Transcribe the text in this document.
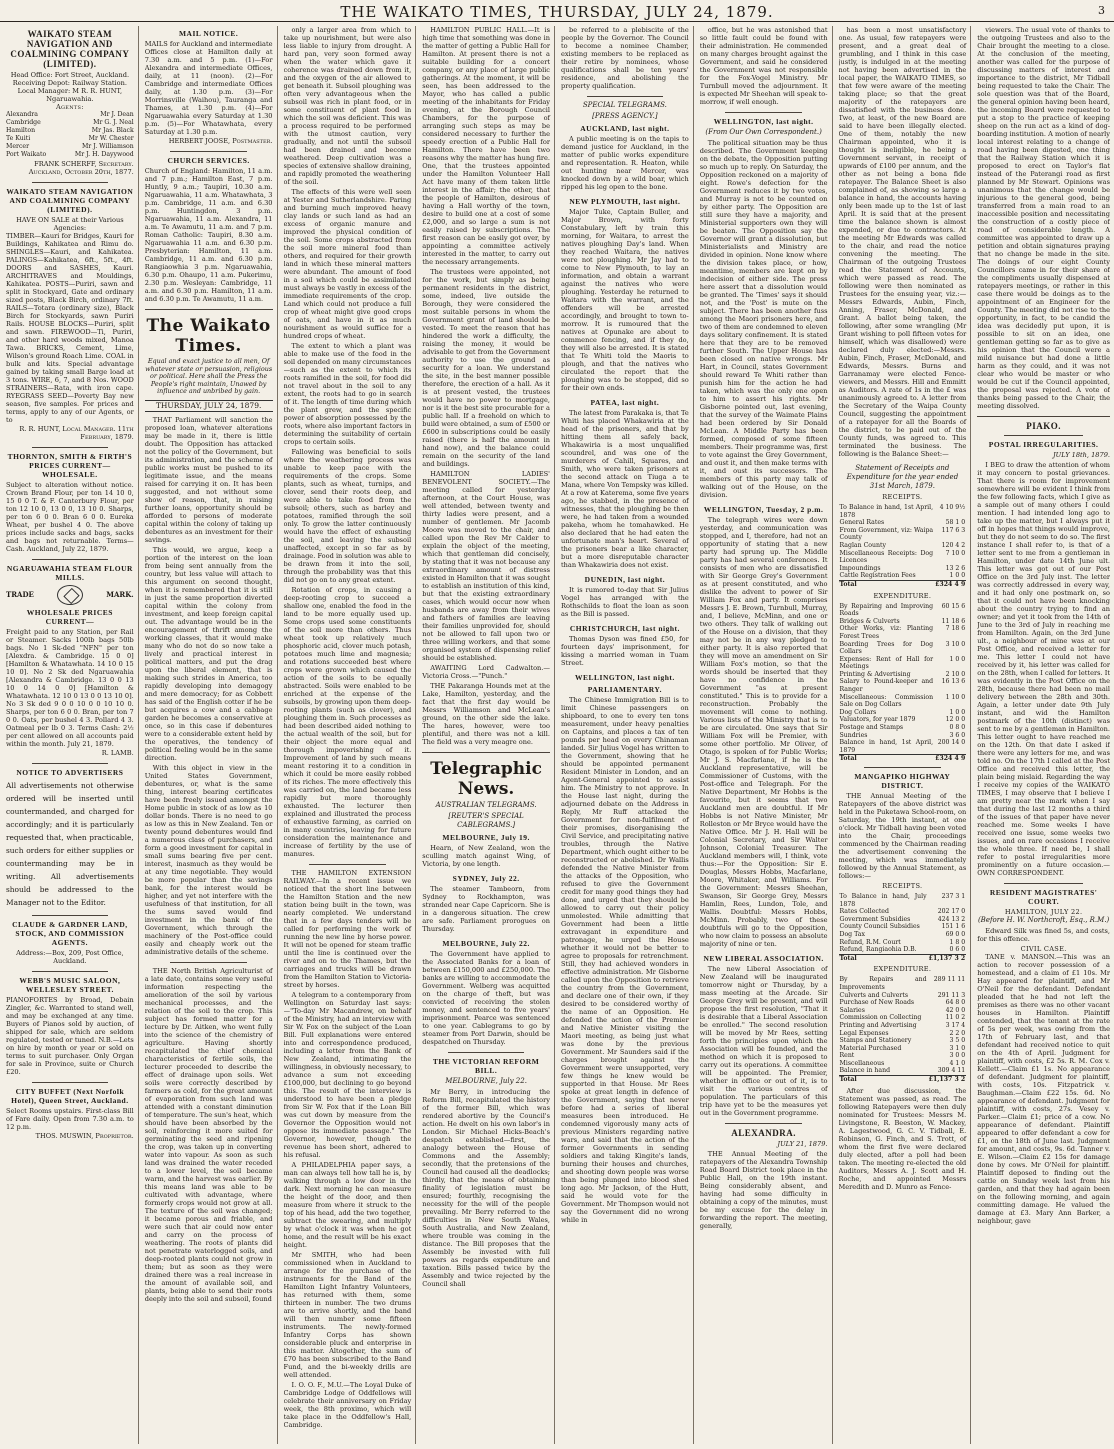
THE WAIKATO TIMES, THURSDAY, JULY 24, 1879.	3
WAIKATO STEAM NAVIGATION AND COALMINING COMPANY (LIMITED).
Head Office: Fort Street, Auckland. Receiving Depot: Railway Station. Local Manager: M R. R. HUNT, Ngaruawahia.
Agents:
Alexandra	Mr J. Dean
Cambridge	Mr G. J. Neal
Hamilton	Mr Jas. Black
Te Kuiti	Mr W. Chester
Mercer	Mr J. Williamson
Port Waikato	Mr J. H. Dayywood
FRANK SCHERFF, Secretary. Auckland, October 20th, 1877.
WAIKATO STEAM NAVIGATION AND COALMINING COMPANY (LIMITED).
HAVE ON SALE at their Various Agencies:
TIMBER—Kauri for Bridges, Kauri for Buildings, Kahikatea and Rimu do. SHINGLES—Kauri, and Kahikatea. PALINGS—Kahikatea, 6ft., 5ft., 4ft. DOORS and SASHES, Kauri. ARCHITRAVES and Mouldings, Kahikatea. POSTS—Puriri, sawn and split in Stockyard, Gate and ordinary sized posts, Black Birch, ordinary 7ft. RAILS—Totara (ordinary size), Black Birch for Stockyards, sawn Puriri Rails. HOUSE BLOCKS—Puriri, split and sawn. FIREWOOD—Ti, Puriri, and other hard woods mixed, Manoa Tawa. BRICKS, Cement, Lime, Wilson's ground Roach Lime. COAL in bulk and kits. Special advantage gained by taking small Barge load at 3 tons. WIRE, 6, 7, and 8 Nos. WOOD STRAINERS—Rata, with iron cape. RYEGRASS SEED—Poverty Bay new season, five samples. For prices and terms, apply to any of our Agents, or to
R. R. HUNT, Local Manager. 11th February, 1879.
THORNTON, SMITH & FIRTH'S PRICES CURRENT—WHOLESALE.
Subject to alteration without notice. Crown Brand Flour, per ton 14 10 0, 15 0 0 T. & F. Canterbury Flour, per ton 12 10 0, 13 0 0, 13 10 0. Sharps, per ton 6 0 0. Bran 6 0 0. Eureka Wheat, per bushel 4 0. The above prices include sacks and bags, sacks and bags not returnable. Terms—Cash. Auckland, July 22, 1879.
NGARUAWAHIA STEAM FLOUR MILLS.
TRADE	MARK.
WHOLESALE PRICES CURRENT—
Freight paid to any Station, per Rail or Steamer. Sacks 100lb bags 50lb bags. No 1 Sk-ded "NFN" per ton [Alexdra. & Cambridge. 15 0 0] [Hamilton & Whatawhata. 14 10 0 15 10 0]. No 2 Sk ded Ngaruawahia [Alexandra & Cambridge. 13 0 0 13 10 0 14 0 0] [Hamilton & Whatawhata. 12 10 0 13 0 0 13 10 0]. No 3 Sk ded 9 0 0 10 0 0 10 10 0. Sharps, per ton 6 0 0. Bran, per ton 7 0 0. Oats, per bushel 4 3. Pollard 4 3. Oatmeal per lb 0 3. Terms Cash: 2½ per cent allowed on all accounts paid within the month. July 21, 1879.
R. LAMB.
NOTICE TO ADVERTISERS
All advertisements not otherwise ordered will be inserted until countermanded, and charged for accordingly; and it is particularly requested that, when practicable, such orders for either supplies or countermanding may be in writing. All advertisements should be addressed to the Manager not to the Editor.
CLAUDE & GARDNER LAND, STOCK, AND COMMISSION AGENTS.
Address:—Box, 209, Post Office, Auckland.
WEBB'S MUSIC SALOON, WELLESLEY STREET.
PIANOFORTES by Broad, Debain Zingler, &c. Warranted to stand well, and may be exchanged at any time. Buyers of Pianos sold by auction, of shipped for sale, which are seldom regulated, tested or tuned. N.B.—Lets on hire by month or year or sold on terms to suit purchaser. Only Organ for sale in Province, suite or Church £20.
CITY BUFFET (Next Norfolk Hotel), Queen Street, Auckland.
Select Rooms upstairs. First-class Bill of Fare daily. Open from 7.30 a.m. to 12 p.m.
THOS. MUSWIN, Proprietor.
MAIL NOTICE.
MAILS for Auckland and intermediate Offices close at Hamilton daily at 7.30 a.m. and 5 p.m. (1)—For Alexandra and intermediate Offices, daily, at 11 (noon). (2)—For Cambridge and intermediate Offices daily, at 1.30 p.m. (3)—For Morrinsville (Waihou), Tauranga and Thames, at 1.30 p.m. (4)—For Ngaruawahia every Saturday at 1.30 p.m. (5)—For Whatawhata, every Saturday at 1.30 p.m.
HERBERT JOOSE, Postmaster.
CHURCH SERVICES.
Church of England: Hamilton, 11 a.m. and 7 p.m.; Hamilton East, 7 p.m. Huntly, 9 a.m.; Taupiri, 10.30 a.m. Ngaruawahia, 11 a.m. Whatawhata, 3 p.m. Cambridge, 11 a.m. and 6.30 p.m. Huntingdon, 3 p.m. Ngaruawahia, 11 a.m. Alexandra, 11 a.m. Te Awamutu, 11 a.m. and 7 p.m. Roman Catholic: Taupiri, 8.30 a.m. Ngaruawahia 11 a.m. and 6.30 p.m. Presbyterian: Hamilton, 11 a.m. Cambridge, 11 a.m. and 6.30 p.m. Rangiaowhia 3 p.m. Ngaruawahia, 6.30 p.m. Ohaupo, 11 a.m. Pukerimu, 2.30 p.m. Wesleyan: Cambridge, 11 a.m. and 6.30 p.m. Hamilton, 11 a.m. and 6.30 p.m. Te Awamutu, 11 a.m.
The Waikato Times.
Equal and exact justice to all men, Of whatever state or persuasion, religious or political. Here shall the Press the People's right maintain, Unawed by influence and unbribed by gain.
THURSDAY, JULY 24, 1879.

THAT Parliament will sanction the proposed loan, whatever alterations may be made in it, there is little doubt. The Opposition has attacked not the policy of the Government, but its administration, and the scheme of public works must be pushed to its legitimate issue, and the means raised for carrying it on. It has been suggested, and not without some show of reason, that, in raising further loans, opportunity should be afforded to persons of moderate capital within the colony of taking up debentures as an investment for their savings.

This would, we argue, keep a portion of the interest on the loan from being sent annually from the country, but less value will attach to this argument on second thought, when it is remembered that it is still in just the same proportion diverted capital within the colony from investment, and keep foreign capital out. The advantage would be in the encouragement of thrift among the working classes, that it would make many who do not do so now take a lively and practical interest in political matters, and put the drag upon the liberal element, that is making such strides in America, too rapidly developing into demagogy and mere democracy; for as Cobbett has said of the English cotter if he be but acquires a cow and a cabbage garden he becomes a conservative at once, so in this case if debentures were to a considerable extent held by the operatives, the tendency of political feeling would be in the same direction.

With this object in view in the United States Government, debentures, or, what is the same thing, interest bearing certificates have been freely issued amongst the Home public in stock of as low as 10 dollar bonds. There is no need to go as low as this in New Zealand. Ten or twenty pound debentures would find a numerous class of purchasers, and form a good investment for capital in small sums bearing five per cent. interest, inasmuch as they would be at any time negotiable. They would be more popular than the savings bank, for the interest would be higher, and yet not interfere with the usefulness of that institution, for all the sums saved would find investment in the bank of the Government, which through the machinery of the Post-office could easily and cheaply work out the administrative details of the scheme.

THE North British Agriculturist of a late date, contains some very useful information respecting the amelioration of the soil by various mechanical processes, and the relation of the soil to the crop. This subject has formed matter for a lecture by Dr. Aitken, who went fully into the science of the chemistry of agriculture. Having shortly recapitulated the chief chemical characteristics of fertile soils, the lecturer proceeded to describe the effect of drainage upon soils. Wet soils were correctly described by farmers as cold, for the great amount of evaporation from such land was attended with a constant diminution of temperature. The sun's heat, which should have been absorbed by the soil, reinforcing it more suited for germinating the seed and ripening the crop, was taken up in converting water into vapour. As soon as such land was drained the water receded to a lower level, the soil became warm, and the harvest was earlier. By this means land was able to be cultivated with advantage, where formerly crops would not grow at all. The texture of the soil was changed; it became porous and friable, and were such that air could now enter and carry on the process of weathering. The roots of plants did not penetrate waterlogged soils, and deep-rooted plants could not grow in them; but as soon as they were drained there was a real increase in the amount of available soil, and plants, being able to send their roots deeply into the soil and subsoil, found

only a larger area from which to take up nourishment, but were also less liable to injury from drought. A hard pan, very soon formed away when the water which gave it coherence was drained down from it, and the oxygen of the air allowed to get beneath it. Subsoil ploughing was often very advantageous when the subsoil was rich in plant food, or in some constituent of plant food in which the soil was deficient. This was a process required to be performed with the utmost caution, very gradually, and not until the subsoil had been drained and become weathered. Deep cultivation was a species of extensive shallow draining, and rapidly promoted the weathering of the soil.

The effects of this were well seen at Yester and Sutherlandshire. Paring and burning much improved heavy clay lands or such land as had an excess of organic manure and improved the physical condition of the soil. Some crops abstracted from the soil more mineral food than others, and required for their growth land in which these mineral matters were abundant. The amount of food in a soil which could be assimilated must always be vastly in excess of the immediate requirements of the crop. Land which could not produce a full crop of wheat might give good crops of oats, and have in it as much nourishment as would suffice for a hundred crops of wheat.

The extent to which a plant was able to make use of the food in the soil depended on many circumstances—such as the extent to which its roots ramified in the soil, for food did not travel about in the soil to any extent, the roots had to go in search of it. The length of time during which the plant grew, and the specific power of absorption possessed by the roots, where also important factors in determining the suitability of certain crops to certain soils.

Fallowing was beneficial to soils where the weathering process was unable to keep pace with the requirements of the crops. Some plants, such as wheat, turnips, and clover, send their roots deep, and were able to take food from the subsoil; others, such as barley and potatoes, ramified through the soil only. To grow the latter continuously would have the effect of exhausting the soil, and leaving the subsoil unaffected, except in so far as by drainage. Food in solution was able to be drawn from it into the soil, through the probability was that this did not go on to any great extent.

Rotation of crops, in causing a deep-rooting crop to succeed a shallow one, enabled the food in the land to be more equally used up. Some crops used some constituents of the soil more than others. Thus wheat took up relatively much phosphoric acid, clover much potash, potatoes much lime and magnesia; and rotations succeeded best where crops were grown which caused the action of the soils to be equally abstracted. Soils were enabled to be enriched at the expense of the subsoils, by growing upon them deep-rooting plants (such as clover), and ploughing them in. Such processes as had been described aided nothing to the actual wealth of the soil, but for their object the more equal and thorough impoverishing of it. Improvement of land by such means meant restoring it to a condition in which it could be more easily robbed of its riches. The more effectively this was carried on, the land became less rapidly but more thoroughly exhausted. The lecturer then explained and illustrated the process of exhaustive farming, as carried on in many countries, leaving for future consideration the maintenance and increase of fertility by the use of manures.

THE HAMILTON EXTENSION RAILWAY.—In a recent issue we noticed that the short line between the Hamilton Station and the new station being built in the town, was nearly completed. We understand that in a few days tenders will be called for performing the work of running the new line by horse power. It will not be opened for steam traffic until the line is continued over the river and on to the Thames, but the carriages and trucks will be drawn from the Hamilton Station to Victoria-street by horses.

A telegram to a contemporary from Wellington on Saturday last says:—"To-day Mr Macandrew, on behalf of the Ministry, had an interview with Sir W. Fox on the subject of the Loan Bill. Full explanations were entered into and correspondence produced, including a letter from the Bank of New Zealand, intimating the willingness, in obviously necessary, to advance a sum not exceeding £100,000, but declining to go beyond this. The result of the interview is understood to have been a pledge from Sir W. Fox that if the Loan Bill was cut down by measure from the Governor the Opposition would not oppose its immediate passage." The Governor, however, though the revenue has been short, adhered to his refusal.

A PHILADELPHIA paper says, a man can always tell how tall he is, by walking through a low door in the dark. Next morning he can measure the height of the door, and then measure from where it struck to the top of his head, add the two together, subtract the swearing, and multiply by what o'clock it was when he got home, and the result will be his exact height.

Mr SMITH, who had been commissioned when in Auckland to arrange for the purchase of the instruments for the Band of the Hamilton Light Infantry Volunteers, has returned with them, some thirteen in number. The two drums are to arrive shortly, and the band will then number some fifteen instruments. The newly-formed Infantry Corps has shown considerable pluck and enterprise in this matter. Altogether, the sum of £70 has been subscribed to the Band Fund, and the bi-weekly drills are well attended.

I. O. O. F., M.U.—The Loyal Duke of Cambridge Lodge of Oddfellows will celebrate their anniversary on Friday week, the 8th proximo, which will take place in the Oddfellow's Hall, Cambridge.

HAMILTON PUBLIC HALL.—It is high time that something was done in the matter of getting a Public Hall for Hamilton. At present there is not a suitable building for a concert company, or any place of large public gatherings. At the moment, it will be seen, has been addressed to the Mayor, who has called a public meeting of the inhabitants for Friday evening, at the Borough Council Chambers, for the purpose of arranging such steps as may be considered necessary to further the speedy erection of a Public Hall for Hamilton. There have been two reasons why the matter has hung fire. One, that the trustees appointed under the Hamilton Volunteer Hall Act have many of them taken little interest in the affair; the other, that the people of Hamilton, desirous of having a Hall worthy of the town, desire to build one at a cost of some £2,000, and so large a sum is not easily raised by subscriptions. The first reason can be easily got over, by appointing a committee actively interested in the matter, to carry out the necessary arrangements.

The trustees were appointed, not for the work, but simply as being permanent residents in the district, some, indeed, live outside the Borough, they were considered the most suitable persons in whom the Government grant of land should be vested. To meet the reason that has hindered the work a difficulty, the raising the money, it would be advisable to get from the Government authority to use the ground as security for a loan. We understand the site, in the best manner possible therefore, the erection of a hall. As it is at present vested, the trustees would have no power to mortgage, nor is it the best site procurable for a public hall. If a freehold on which to build were obtained, a sum of £500 or £600 in subscriptions could be easily raised (there is half the amount in hand now), and the balance could remain on the security of the land and buildings.

HAMILTON LADIES' BENEVOLENT SOCIETY.—The meeting called for yesterday afternoon, at the Court House, was well attended, between twenty and thirty ladies were present, and a number of gentlemen. Mr Jacomb Moore was moved to the chair, and called upon the Rev Mr Calder to explain the object of the meeting, which that gentleman did concisely, by stating that it was not because any extraordinary amount of distress existed in Hamilton that it was sought to establish an institution of this kind, but that the existing extraordinary cases, which would occur now when husbands are away from their wives and fathers of families are leaving their families unprovided for, should not be allowed to fall upon two or three willing workers, and that some organised system of dispensing relief should be established.

AWAITING Lord Cadwalton.—Victoria Cross.—"Punch."

THE Pakaranga Hounds met at the Lake, Hamilton, yesterday, and the fact that the first day would be Messrs Williamson and McLean's ground, on the other side the lake. The hares, however, were too plentiful, and there was not a kill. The field was a very meagre one.

Telegraphic News.
AUSTRALIAN TELEGRAMS.
[REUTER'S SPECIAL CABLEGRAMS.]
MELBOURNE, July 19.

Hearn, of New Zealand, won the sculling match against Wing, of Victoria, by one length.

SYDNEY, July 22.

The steamer Tambeorn, from Sydney to Rockhampton, was stranded near Cape Capricorn. She is in a dangerous situation. The crew are safe. Parliament prorogues on Thursday.

MELBOURNE, July 22.

The Government have applied to the Associated Banks for a loan of between £150,000 and £250,000. The banks are willing to accommodate the Government. Welberg was acquitted on the charge of theft, but was convicted of receiving the stolen money, and sentenced to five years' imprisonment. Pearce was sentenced to one year. Cablegrams to go by steamer from Port Darwin, should be despatched on Thursday.

THE VICTORIAN REFORM BILL.
MELBOURNE, July 22.

Mr Berry, in introducing the Reform Bill, recapitulated the history of the former Bill, which was rendered abortive by the Council's action. He dwelt on his own labor's in London. Sir Michael Hicks-Beach's despatch established—first, the analogy between the House of Commons and the Assembly; secondly, that the pretensions of the Council had caused all the deadlocks; thirdly, that the means of obtaining finality of legislation must be ensured; fourthly, recognising the necessity for the will of the people prevailing. Mr Berry referred to the difficulties in New South Wales, South Australia, and New Zealand, where trouble was coming in the distance. The Bill proposes that the Assembly be invested with full powers as regards expenditure and taxation. Bills passed twice by the Assembly and twice rejected by the Council shall

be referred to a plebiscite of the people by the Governor. The Council to become a nominee Chamber, existing members to be replaced as their retire by nominees, whose qualifications shall be ten years' residence, and abolishing the property qualification.

SPECIAL TELEGRAMS.
[PRESS AGENCY.]
AUCKLAND, last night.

A public meeting is on the tapis to demand justice for Auckland, in the matter of public works expenditure and representation. R. Heaton, while out hunting near Mercer, was knocked down by a wild boar, which ripped his leg open to the bone.

NEW PLYMOUTH, last night.

Major Tuke, Captain Buller, and Major Brown, with forty Constabulary, left by train this morning, for Waitara, to arrest the natives ploughing Day's land. When they reached Waitara, the natives were not ploughing. Mr Jay had to come to New Plymouth, to lay an information, and obtain a warrant against the natives who were ploughing. Yesterday he returned to Waitara with the warrant, and the offenders will be arrested accordingly, and brought to town to-morrow. It is rumoured that the natives at Opunake are about to commence fencing, and if they do, they will also be arrested. It is stated that Te Whiti told the Maoris to plough, and that the natives who circulated the report that the ploughing was to be stopped, did so for their own ends.

PATEA, last night.

The latest from Parakaka is, that Te Whiti has placed Whakawiria at the head of the prisoners, and that by hitting them all safely back, Whakawiria is a most unqualified scoundrel, and was one of the murderers of Cahill, Squares, and Smith, who were taken prisoners at the second attack on Tiuga a te Mana, where Von Tempsky was killed. At a row at Katerema, some five years ago, he stabbed, in the presence of witnesses, that the ploughing be then were, he had taken from a wounded pakeha, whom he tomahawked. He also declared that he had eaten the unfortunate man's heart. Several of the prisoners bear a like character, but a more disreputable character than Whakawiria does not exist.

DUNEDIN, last night.

It is rumored to-day that Sir Julius Vogel has arranged with the Rothschilds to float the loan as soon as the Bill is passed.

CHRISTCHURCH, last night.

Thomas Dyson was fined £50, for fourteen days' imprisonment, for kissing a married woman in Tuam Street.

WELLINGTON, last night.
PARLIAMENTARY.

The Chinese Immigration Bill is to limit Chinese passengers on shipboard, to one to every ten tons measurement, under heavy penalties on Captains, and places a tax of ten pounds per head on every Chinaman landed. Sir Julius Vogel has written to the Government, showing that he should be appointed permanent Resident Minister in London, and an Agent-General appointed to assist him. The Ministry to not approve. In the House last night, during the adjourned debate on the Address in Reply, Mr Ruff attacked the Government for non-fulfilment of their promises, disorganising the Civil Service, and precipitating native troubles, through the Native Department, which ought either to be reconstructed or abolished. Dr Wallis defended the Native Minister from the attacks of the Opposition, who refused to give the Government credit for many good things they had done, and urged that they should be allowed to carry out their policy unmolested. While admitting that Government had been a little extravagant in expenditure and patronage, he urged the House whether it would not be better to agree to proposals for retrenchment. Still, they had achieved wonders in effective administration. Mr Gisborne called upon the Opposition to retrieve the country from the Government, and declare one of their own, if they desired to be considered worthy of the name of an Opposition. He defended the action of the Premier and Native Minister visiting the Maori meeting, as being just what was done by the previous Government. Mr Saunders said if the charges brought against the Government were unsupported, very few things he knew would be supported in that House. Mr Rees spoke at great length in defence of the Government, saying that never before had a series of liberal measures been introduced. He condemned vigorously many acts of previous Ministers regarding native wars, and said that the action of the former Governments in sending soldiers and taking Kingite's lands, burning their houses and churches, and shooting down people was worse than being plunged into blood shed long ago. Mr Jackson, of the Hutt, said he would vote for the Government. Mr Thompson would not say the Government did no wrong while in

office, but he was astonished that so little fault could be found with their administration. He commended on many charges brought against the Government, and said he considered the Government was not responsible for the Fox-Vogel Ministry. Mr Turnbull moved the adjournment. It is expected Mr Sheehan will speak to-morrow, if well enough.

WELLINGTON, last night.
(From Our Own Correspondent.)

The political situation may be thus described. The Government keeping on the debate, the Opposition putting so much up to reply. On Saturday, the Opposition reckoned on a majority of eight. Rowe's defection for the Government reduces it by two votes, and Murray is not to be counted on by either party. The Opposition are still sure they have a majority, and Ministerial supporters own they will be beaten. The Opposition say the Governor will grant a dissolution, but Ministerialists and Ministry are divided in opinion. None know where the division takes place, or how, meantime, members are kept on by indecision of either side. The press here assert that a dissolution would be granted. The 'Times' says it should not, and the 'Post' is mute on the subject. There has been another fuss among the Maori prisoners here, and two of them are condemned to eleven days solitary confinement. It is stated here that they are to be removed further South. The Upper House has been closed on native wrongs. Mr Hart, in Council, states Government should reward Te Whiti rather than punish him for the action he had taken, which was the only one open to him to assert his rights. Mr Gisborne pointed out, last evening, that the survey of the Waimate Plains had been ordered by Sir Donald McLean. A Middle Party has been formed, composed of some fifteen members. Their programme was, first to vote against the Grey Government, and oust it, and then make terms with it, and oust its successors. The members of this party may talk of walking out of the House, on the division.

WELLINGTON, Tuesday, 2 p.m.

The telegraph wires were down yesterday, and communication was stopped, and I, therefore, had not an opportunity of stating that a new party had sprung up. The Middle party has had several conferences. It consists of men who are dissatisfied with Sir George Grey's Government as at present constituted, and who dislike the advent to power of Sir William Fox and party. It comprises Messrs J. E. Brown, Turnbull, Murray, and, I believe, McMinn, and one or two others. They talk of walking out of the House on a division, that they may not be in any way pledged to either party. It is also reported that they will move an amendment on Sir William Fox's motion, so that the words should be inserted that they have no confidence in the Government "as at present constituted." This is to provide for a reconstruction. Probably the movement will come to nothing. Various lists of the Ministry that is to be are circulated. One says that Sir William Fox will be Premier, with some other portfolio. Mr Oliver, of Otago, is spoken of for Public Works; Mr J. S. Macfarlane, if he is the Auckland representative, will be Commissioner of Customs, with the Post-office and Telegraph. For the Native Department, Mr Hobbs is the favourite, but it seems that two Auckland men are doubtful. If Mr Hobbs is not Native Minister, Mr Rolleston or Mr Bryce would have the Native Office. Mr J. H. Hall will be Colonial Secretary, and Sir Walter Johnson, Colonial Treasurer. The Auckland members will, I think, vote thus:—For the Opposition: Sir E. Douglas, Messrs Hobbs, Macfarlane, Moore, Whitaker, and Williams. For the Government: Messrs Sheehan, Swanson, Sir George Grey, Messrs Hamlin, Rees, Lundon, Tole, and Wallis. Doubtful: Messrs Hobbs, McMinn. Probably, two of these doubtfuls will go to the Opposition, who now claim to possess an absolute majority of nine or ten.

NEW LIBERAL ASSOCIATION.

The new Liberal Association of New Zealand will be inaugurated tomorrow night or Thursday, by a mass meeting at the Arcade. Sir George Grey will be present, and will propose the first resolution, "That it is desirable that a Liberal Association be enrolled." The second resolution will be moved by Mr Rees, setting forth the principles upon which the Association will be founded, and the method on which it is proposed to carry out its operations. A committee will be appointed. The Premier, whether in office or out of it, is to visit the various centres of population. The particulars of this trip have yet to be the measures yet out in the Government programme.

ALEXANDRA.
JULY 21, 1879.

THE Annual Meeting of the ratepayers of the Alexandra Township Road Board District took place in the Public Hall, on the 19th instant. Being considerably absent, and having had some difficulty in obtaining a copy of the minutes, must be my excuse for the delay in forwarding the report. The meeting, generally,

has been a most unsatisfactory one. As usual, few ratepayers were present, and a great deal of grumbling, and I think in this case justly, is indulged in at the meeting not having been advertised in the local paper, the WAIKATO TIMES, so that few were aware of the meeting taking place; so that the great majority of the ratepayers are dissatisfied with the business done. Two, at least, of the new Board are said to have been illegally elected. One of them, notably the new Chairman appointed, who it is thought is ineligible, he being a Government servant, in receipt of upwards of £100 per annum, and the other as not being a bona fide ratepayer. The Balance Sheet is also complained of, as showing so large a balance in hand, the accounts having only been made up to the 1st of last April. It is said that at the present time the balance shown is almost expended, or due to contractors. At the meeting Mr Edwards was called to the chair, and read the notice convening the meeting. The Chairman of the outgoing Trustees read the Statement of Accounts, which were passed as read. The following were then nominated as Trustees for the ensuing year, viz.:—Messrs Edwards, Aubin, Finch, Anning, Fraser, McDonald, and Grant. A ballot being taken, the following, after some wrangling (Mr Grant wishing to poll fifteen votes for himself, which was disallowed) were declared duly elected:—Messrs. Aubin, Finch, Fraser, McDonald, and Edwards, Messrs. Burns and Garranamay were elected Fence-viewers, and Messrs. Hill and Emmitt as Auditors. A rate of 1s in the £ was unanimously agreed to. A letter from the Secretary of the Waipa County Council, suggesting the appointment of a ratepayer for all the Boards of the district, to be paid out of the County funds, was agreed to. This terminated the business. The following is the Balance Sheet:—

Statement of Receipts and Expenditure for the year ended 31st March, 1879.
RECEIPTS.
To Balance in hand, 1st April, 1878	4 10 9½
General Rates	58 1 0
From Government, viz: Waipa County	117 6 3
Raglan County	120 4 2
Miscellaneous Receipts: Dog Licences	7 10 0
Impoundings	13 2 6
Cattle Registration Fees	1 0 0
Total	£324 4 9
EXPENDITURE.
By Repairing and Improving Roads	60 15 6
Bridges & Culverts	11 18 6
Other Works, viz: Planting Forest Trees	7 18 6
Boarding Trees for Dog Collars	3 10 0
Expenses: Rent of Hall for Meetings	1 0 0
Printing & Advertising	2 10 0
Salary to Pound-keeper and Ranger	16 13 6
Miscellaneous: Commission Sale on Dog Collars	1 10 0
Dog Collars	1 0 0
Valuators, for year 1879	12 0 0
Postage and Stamps	0 8 0
Sundries	3 6 0
Balance in hand, 1st April, 1879	200 14 0
Total	£324 4 9
MANGAPIKO HIGHWAY DISTRICT.

THE Annual Meeting of the Ratepayers of the above district was held in the Puketawa School-room, on Saturday, the 19th instant, at one o'clock. Mr Tidball having been voted into the Chair, proceedings commenced by the Chairman reading the advertisement convening the meeting, which was immediately followed by the Annual Statement, as follows:—

RECEIPTS.
To Balance in hand, July 1878	237 3 1
Rates Collected	202 17 0
Government Subsidies	424 13 2
County Council Subsidies	151 1 6
Dog Tax	69 0 0
Refund, R.M. Court	1 8 0
Refund, Rangiaohia D.B.	0 6 0
Total	£1,137 3 2
EXPENDITURE.
By Repairs and Improvements	289 11 11
Culverts and Culverts	291 11 3
Purchase of New Roads	64 8 0
Salaries	42 0 0
Commission on Collecting	11 0 2
Printing and Advertising	3 17 4
Legal Expenses	2 2 0
Stamps and Stationery	3 5 0
Material Purchased	3 1 0
Rent	3 0 0
Miscellaneous	4 1 0
Balance in hand	309 4 11
Total	£1,137 3 2

After due discussion, the Statement was passed, as read. The following Ratepayers were then duly nominated for Trustees: Messrs M. Livingstone, R. Beeston, W. Mackey, A. Lagestwood, G. C. V. Tidball, E. Robinson, G. Finch, and S. Trott, of whom the first five were declared duly elected, after a poll had been taken. The meeting re-elected the old Auditors, Messrs A. J. Scott and H. Roche, and appointed Messrs Meredith and D. Munro as Fence-

viewers. The usual vote of thanks to the outgoing Trustees and also to the Chair brought the meeting to a close. At the conclusion of the meeting, another was called for the purpose of discussing matters of interest and importance to the district, Mr Tidball being requested to take the Chair. The sole question was that of the Board, the general opinion having been heard, the incoming Board were requested to put a stop to the practice of keeping sheep on the run act as a kind of dog-boarding institution. A motion of nearly local interest relating to a change of road having been digested, one thing that the Railway Station which it is proposed to erect on Taylor's flat instead of the Paterangi road as first planned by Mr Stewart. Opinions was unanimous that the change would be injurious to the general good, being transferred from a main road to an inaccessible position and necessitating the construction of a costly piece of road of considerable length. A committee was appointed to draw up a petition and obtain signatures praying that no change be made in the site. The doings of our eight County Councillors came in for their share of the compliments usually dispensed at ratepayers meetings, or rather in this case there would be doings as to the appointment of an Engineer for the County. The meeting did not rise to the opportunity, in fact, to be candid the idea was decidedly put upon, it is possible to sit on an idea, one gentleman getting so far as to give as his opinion that the Council were a mild nuisance but had done a little harm as they could, and it was not clear who would be master or who would be cut if the Council appointed, the proposal was rejected. A vote of thanks being passed to the Chair, the meeting dissolved.

PIAKO.
POSTAL IRREGULARITIES.
JULY 18th, 1879.

I BEG to draw the attention of whom it may concern to postal grievances. That there is room for improvement somewhere will be evident I think from the few following facts, which I give as a sample out of many others I could mention. I had intended long ago to take up the matter, but I always put it off in hopes that things would improve, but they do not seem to do so. The first instance I shall refer to, is that of a letter sent to me from a gentleman in Hamilton, under date 14th June ult. This letter was got out of our Post Office on the 3rd July inst. The letter was correctly addressed in every way, and it had only one postmark on, so that it could not have been knocking about the country trying to find an owner; and yet it took from the 14th of June to the 3rd of July in reaching me from Hamilton. Again, on the 3rd June ult., a neighbour of mine was at our Post Office, and received a letter for me. This letter I could not have received by it, his letter was called for on the 28th, when I called for letters. It was evidently in the Post Office on the 28th, because there had been no mail delivery between the 28th and 30th. Again, a letter under date 9th July instant, and wid the Hamilton postmark of the 10th (distinct) was sent to me by a gentleman in Hamilton. This letter ought to have reached me on the 12th. On that date I asked if there were any letters for me, and was told no. On the 17th I called at the Post Office and received this letter, the plain being mislaid. Regarding the way I receive my copies of the WAIKATO TIMES, I may observe that I believe I am pretty near the mark when I say that during the last 12 months a third of the issues of that paper have never reached me. Some weeks I have received one issue, some weeks two issues, and on rare occasions I receive the whole three. If need be, I shall refer to postal irregularities more prominently on a future occasion.—OWN CORRESPONDENT.

RESIDENT MAGISTRATES' COURT.
HAMILTON, JULY 22.
(Before H. W. Northcroft, Esq., R.M.)

Edward Silk was fined 5s, and costs, for this offence.

CIVIL CASE.

TANE v. MANSON.—This was an action to recover possession of a homestead, and a claim of £1 10s. Mr Hay appeared for plaintiff, and Mr O'Neil for the defendant. Defendant pleaded that he had not left the premises as there was no other vacant houses in Hamilton. Plaintiff contended, that the tenant at the rate of 5s per week, was owing from the 17th of February last, and that defendant had received notice to quit on the 4th of April. Judgment for plaintiff, with costs, £2 5s. R. M. Cox v. Kellett.—Claim £1 1s. No appearance of defendant. Judgment for plaintiff, with costs, 10s. Fitzpatrick v. Baughman.—Claim £22 15s. 6d. No appearance of defendant. Judgment for plaintiff, with costs, 27s. Vesey v. Parker.—Claim £1; price of a cow. No appearance of defendant. Plaintiff appeared to offer defendant a cow for £1, on the 18th of June last. Judgment for amount, and costs, 9s. 6d. Tanner v. E. Wilson.—Claim £2 15s for damage done by cows. Mr O'Neil for plaintiff. Plaintiff deposed to finding out the cattle on Sunday week last from his garden, and that they had again been on the following morning, and again committing damage. He valued the damage at £3. Mary Ann Barker, a neighbour, gave
